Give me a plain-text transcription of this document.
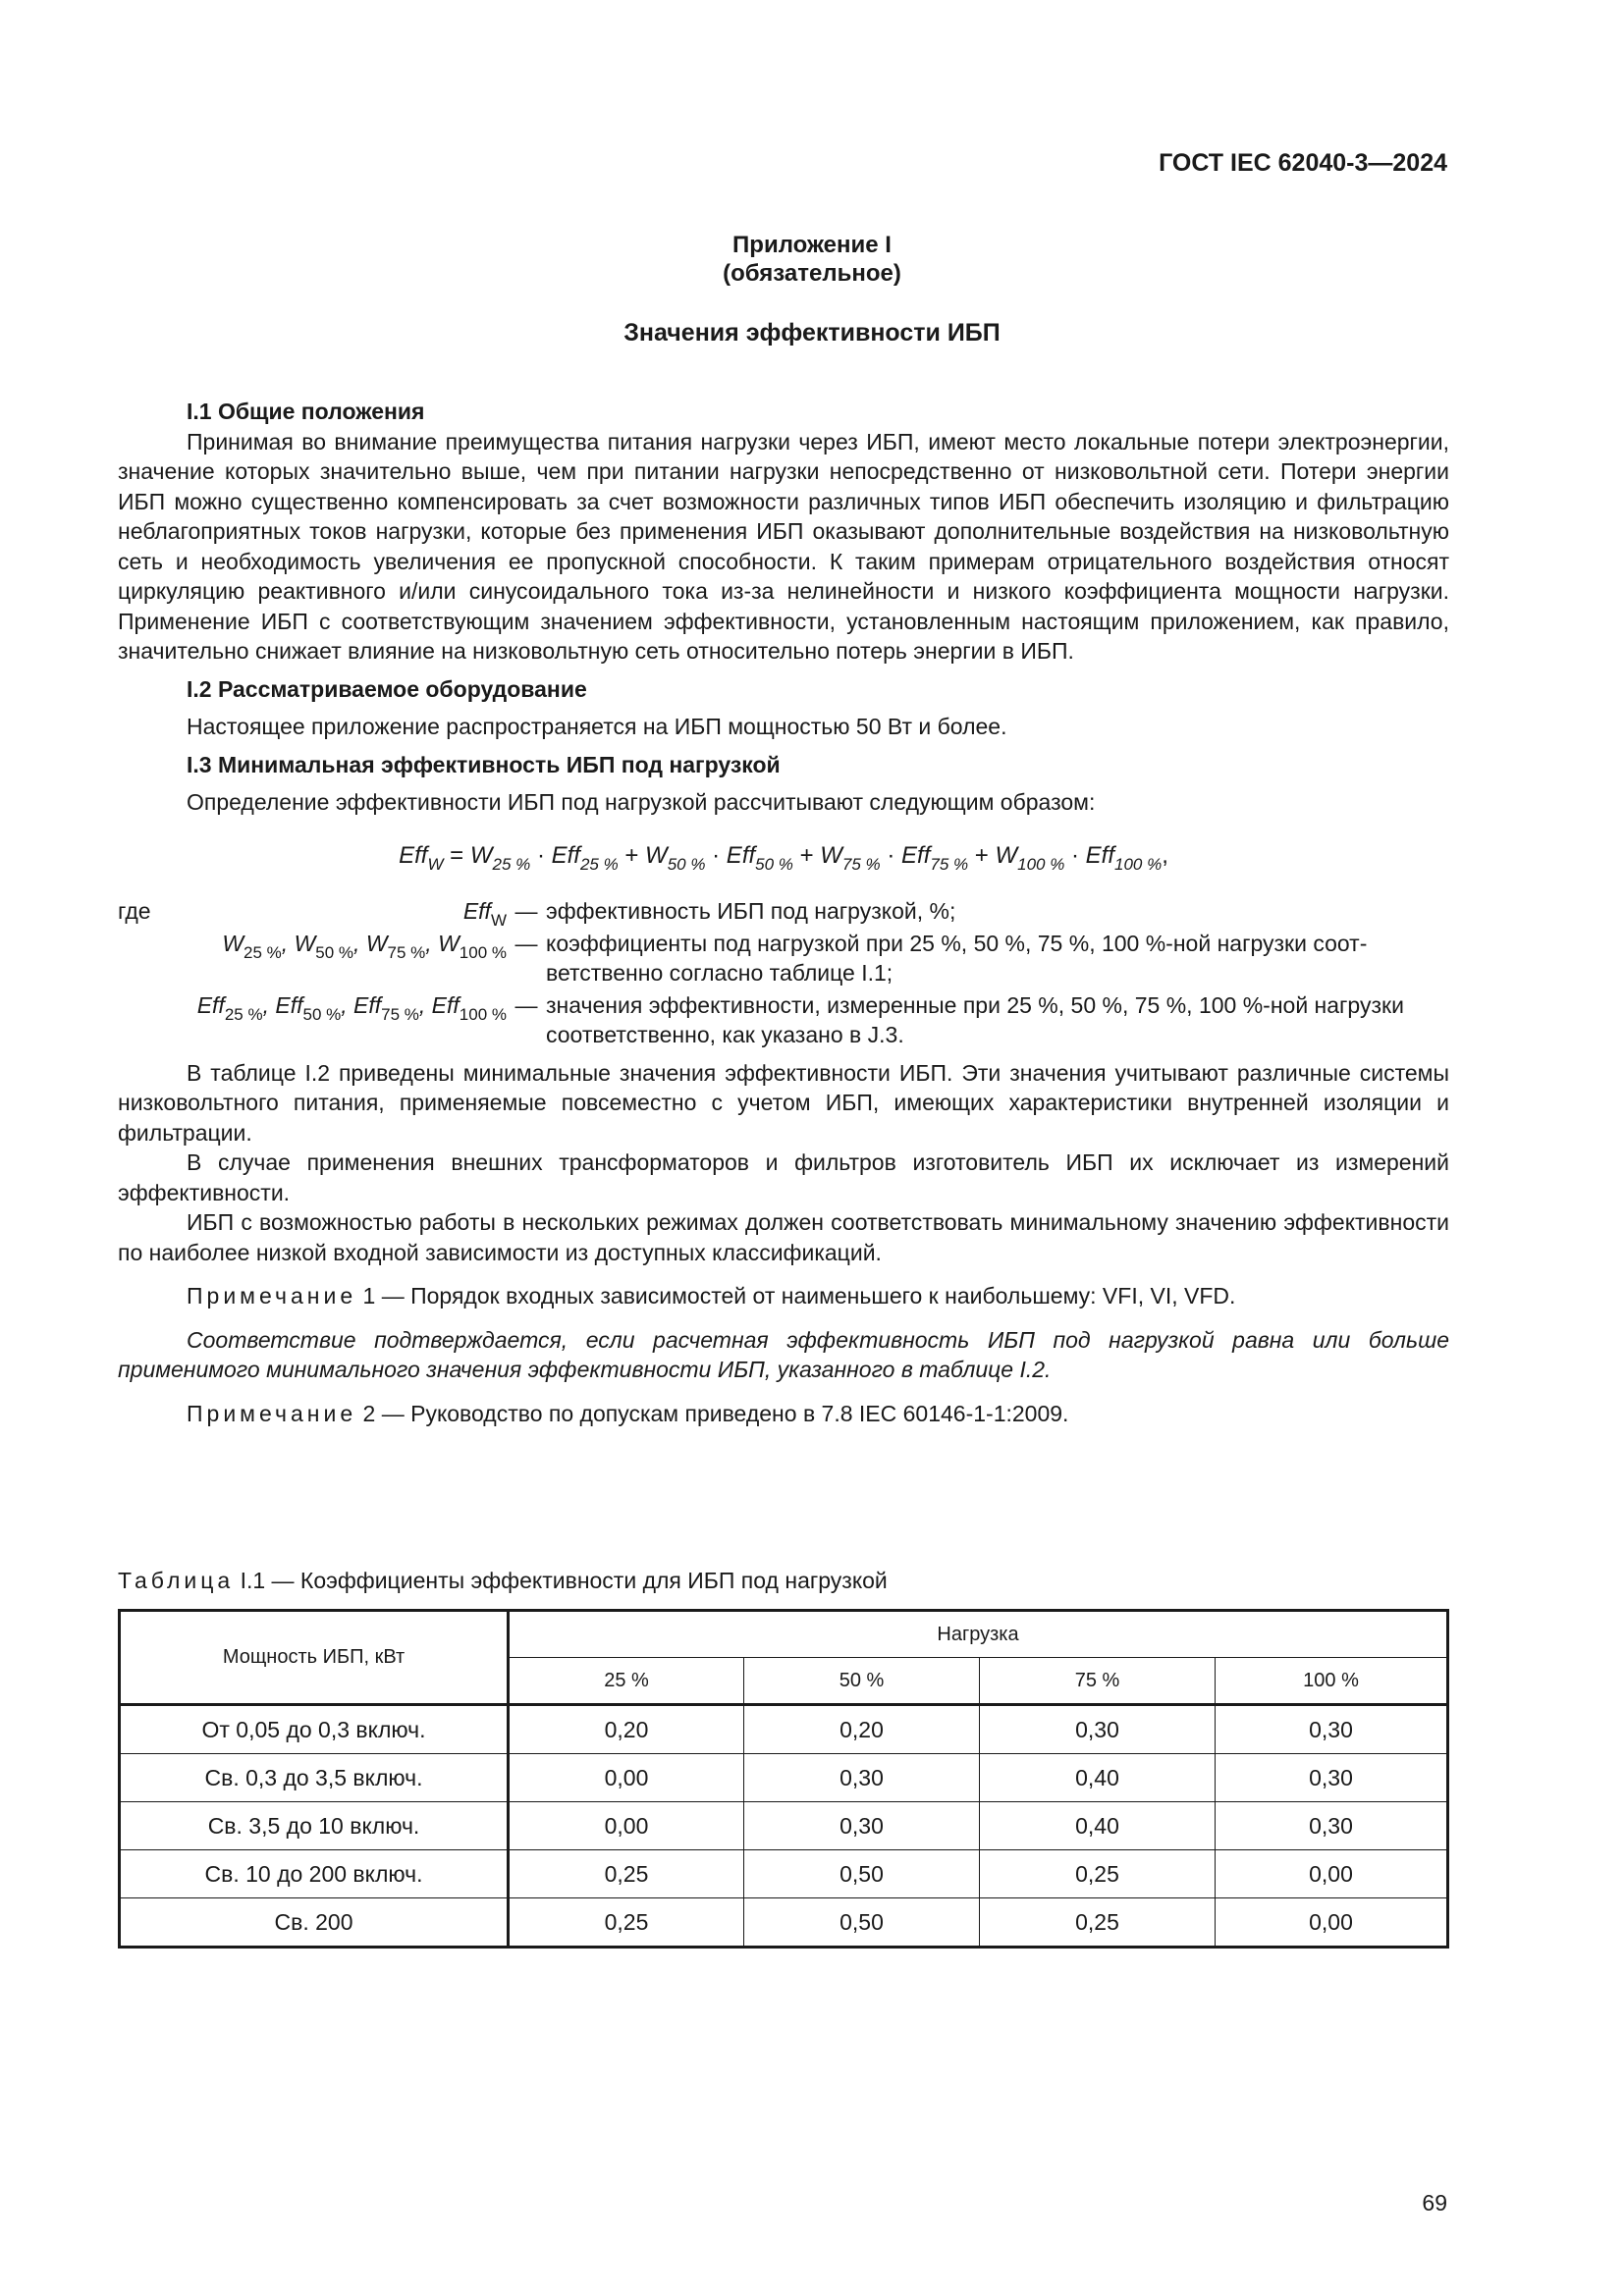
ГОСТ IEC 62040-3—2024
Приложение I
(обязательное)
Значения эффективности ИБП

I.1 Общие положения

Принимая во внимание преимущества питания нагрузки через ИБП, имеют место локальные потери электроэнергии, значение которых значительно выше, чем при питании нагрузки непосредственно от низковольтной сети. Потери энергии ИБП можно существенно компенсировать за счет возможности различных типов ИБП обеспечить изоляцию и фильтрацию неблагоприятных токов нагрузки, которые без применения ИБП оказывают дополнительные воздействия на низковольтную сеть и необходимость увеличения ее пропускной способности. К таким примерам отрицательного воздействия относят циркуляцию реактивного и/или синусоидального тока из-за нелинейности и низкого коэффициента мощности нагрузки. Применение ИБП с соответствующим значением эффективности, установленным настоящим приложением, как правило, значительно снижает влияние на низковольтную сеть относительно потерь энергии в ИБП.

I.2 Рассматриваемое оборудование

Настоящее приложение распространяется на ИБП мощностью 50 Вт и более.

I.3 Минимальная эффективность ИБП под нагрузкой

Определение эффективности ИБП под нагрузкой рассчитывают следующим образом:

$Eff_W = W_{25 \%} \cdot Eff_{25 \%} + W_{50 \%} \cdot Eff_{50 \%} + W_{75 \%} \cdot Eff_{75 \%} + W_{100 \%} \cdot Eff_{100 \%}$,
где	Eff$_W$ — эффективность ИБП под нагрузкой, %;
$W_{25 \%}$, $W_{50 \%}$, $W_{75 \%}$, $W_{100 \%}$ — коэффициенты под нагрузкой при 25 %, 50 %, 75 %, 100 %-ной нагрузки соответственно согласно таблице I.1;
Eff$_{25 \%}$, Eff$_{50 \%}$, Eff$_{75 \%}$, Eff$_{100 \%}$ — значения эффективности, измеренные при 25 %, 50 %, 75 %, 100 %-ной нагрузки соответственно, как указано в J.3.

В таблице I.2 приведены минимальные значения эффективности ИБП. Эти значения учитывают различные системы низковольтного питания, применяемые повсеместно с учетом ИБП, имеющих характеристики внутренней изоляции и фильтрации.

В случае применения внешних трансформаторов и фильтров изготовитель ИБП их исключает из измерений эффективности.

ИБП с возможностью работы в нескольких режимах должен соответствовать минимальному значению эффективности по наиболее низкой входной зависимости из доступных классификаций.

Примечание 1 — Порядок входных зависимостей от наименьшего к наибольшему: VFI, VI, VFD.

Соответствие подтверждается, если расчетная эффективность ИБП под нагрузкой равна или больше применимого минимального значения эффективности ИБП, указанного в таблице I.2.

Примечание 2 — Руководство по допускам приведено в 7.8 IEC 60146-1-1:2009.

Таблица I.1 — Коэффициенты эффективности для ИБП под нагрузкой
Мощность ИБП, кВт	Нагрузка			
	25 %	50 %	75 %	100 %
От 0,05 до 0,3 включ.	0,20	0,20	0,30	0,30
Св. 0,3 до 3,5 включ.	0,00	0,30	0,40	0,30
Св. 3,5 до 10 включ.	0,00	0,30	0,40	0,30
Св. 10 до 200 включ.	0,25	0,50	0,25	0,00
Св. 200	0,25	0,50	0,25	0,00
69
